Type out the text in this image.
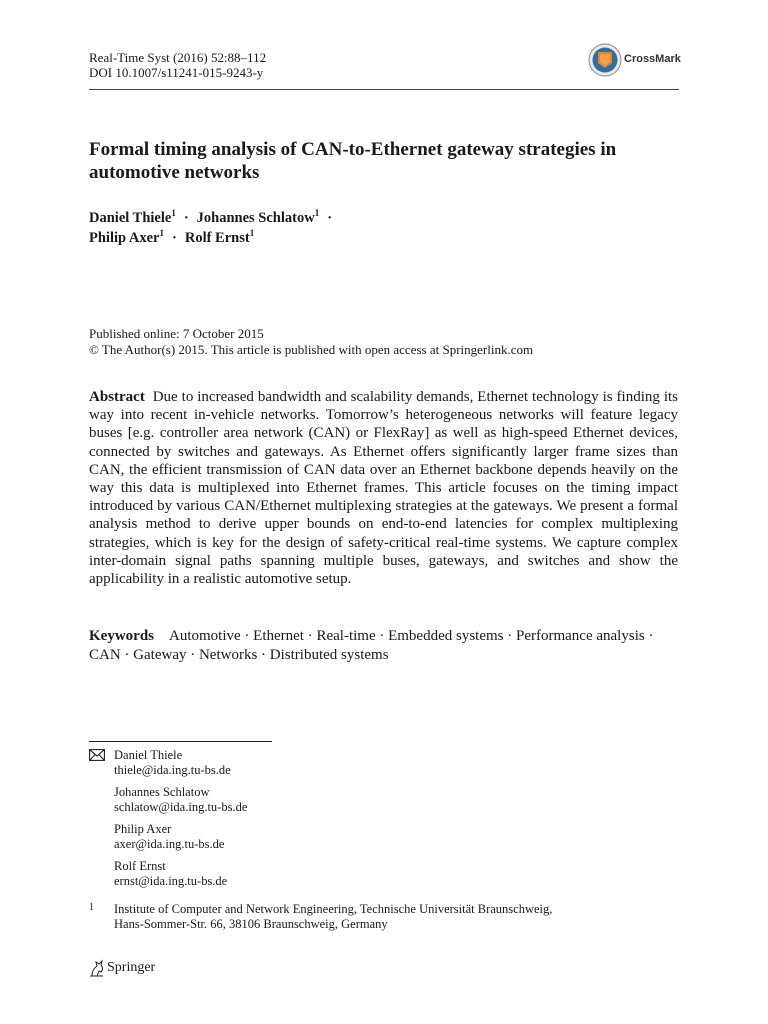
Real-Time Syst (2016) 52:88–112
DOI 10.1007/s11241-015-9243-y
CrossMark
Formal timing analysis of CAN-to-Ethernet gateway strategies in automotive networks
Daniel Thiele$^1$ · Johannes Schlatow$^1$ ·
Philip Axer$^1$ · Rolf Ernst$^1$
Published online: 7 October 2015
© The Author(s) 2015. This article is published with open access at Springerlink.com
Abstract Due to increased bandwidth and scalability demands, Ethernet technology is finding its way into recent in-vehicle networks. Tomorrow’s heterogeneous networks will feature legacy buses [e.g. controller area network (CAN) or FlexRay] as well as high-speed Ethernet devices, connected by switches and gateways. As Ethernet offers significantly larger frame sizes than CAN, the efficient transmission of CAN data over an Ethernet backbone depends heavily on the way this data is multiplexed into Ethernet frames. This article focuses on the timing impact introduced by various CAN/Ethernet multiplexing strategies at the gateways. We present a formal analysis method to derive upper bounds on end-to-end latencies for complex multiplexing strategies, which is key for the design of safety-critical real-time systems. We capture complex inter-domain signal paths spanning multiple buses, gateways, and switches and show the applicability in a realistic automotive setup.
Keywords Automotive · Ethernet · Real-time · Embedded systems · Performance analysis · CAN · Gateway · Networks · Distributed systems
Daniel Thiele
thiele@ida.ing.tu-bs.de
Johannes Schlatow
schlatow@ida.ing.tu-bs.de
Philip Axer
axer@ida.ing.tu-bs.de
Rolf Ernst
ernst@ida.ing.tu-bs.de
1	Institute of Computer and Network Engineering, Technische Universität Braunschweig,
Hans-Sommer-Str. 66, 38106 Braunschweig, Germany
Springer
